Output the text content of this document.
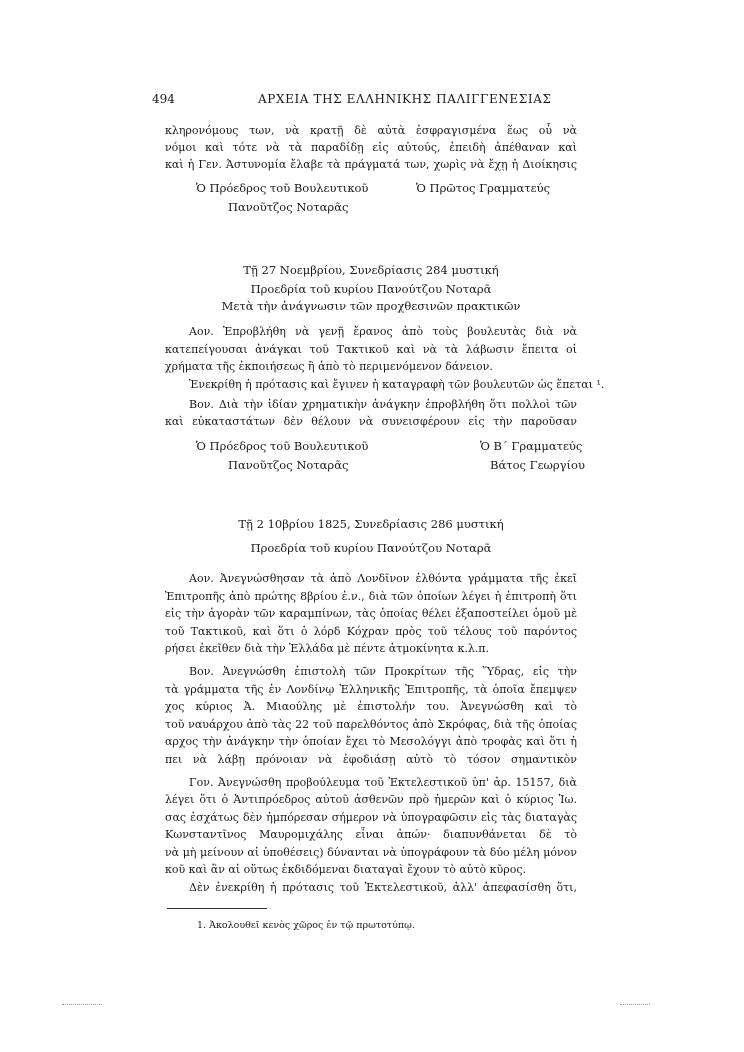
494	ΑΡΧΕΙΑ ΤΗΣ ΕΛΛΗΝΙΚΗΣ ΠΑΛΙΓΓΕΝΕΣΙΑΣ
Ὁ Πρόεδρος τοῦ Βουλευτικοῦ
Πανοῦτζος Νοταρᾶς
Ὁ Πρῶτος Γραμματεύς
Ὁ Πρόεδρος τοῦ Βουλευτικοῦ
Πανοῦτζος Νοταρᾶς
Ὁ Β΄ Γραμματεύς
Βάτος Γεωργίου
κληρονόμους των, νὰ κρατῇ δὲ αὐτὰ ἐσφραγισμένα ἕως οὗ νὰ
νόμοι καὶ τότε νὰ τὰ παραδίδῃ εἰς αὐτούς, ἐπειδὴ ἀπέθαναν καὶ
καὶ ἡ Γεν. Ἀστυνομία ἔλαβε τὰ πράγματά των, χωρὶς νὰ ἔχῃ ἡ Διοίκησις
Τῇ 27 Νοεμβρίου, Συνεδρίασις 284 μυστική
Προεδρία τοῦ κυρίου Πανούτζου Νοταρᾶ
Μετὰ τὴν ἀνάγνωσιν τῶν προχθεσινῶν πρακτικῶν
Αον. Ἐπροβλήθη νὰ γενῇ ἔρανος ἀπὸ τοὺς βουλευτὰς διὰ νὰ
κατεπείγουσαι ἀνάγκαι τοῦ Τακτικοῦ καὶ νὰ τὰ λάβωσιν ἔπειτα οἱ
χρήματα τῆς ἐκποιήσεως ἢ ἀπὸ τὸ περιμενόμενον δάνειον.
Ἐνεκρίθη ἡ πρότασις καὶ ἔγινεν ἡ καταγραφὴ τῶν βουλευτῶν ὡς ἕπεται ¹.
Βον. Διὰ τὴν ἰδίαν χρηματικὴν ἀνάγκην ἐπροβλήθη ὅτι πολλοὶ τῶν
καὶ εὐκαταστάτων δὲν θέλουν νὰ συνεισφέρουν εἰς τὴν παροῦσαν
Τῇ 2 10βρίου 1825, Συνεδρίασις 286 μυστική
Προεδρία τοῦ κυρίου Πανούτζου Νοταρᾶ
Αον. Ἀνεγνώσθησαν τὰ ἀπὸ Λονδῖνον ἐλθόντα γράμματα τῆς ἐκεῖ
Ἐπιτροπῆς ἀπὸ πρώτης 8βρίου ἐ.ν., διὰ τῶν ὁποίων λέγει ἡ ἐπιτροπὴ ὅτι
εἰς τὴν ἀγορὰν τῶν καραμπίνων, τὰς ὁποίας θέλει ἐξαποστείλει ὁμοῦ μὲ
τοῦ Τακτικοῦ, καὶ ὅτι ὁ λόρδ Κόχραν πρὸς τοῦ τέλους τοῦ παρόντος
ρήσει ἐκεῖθεν διὰ τὴν Ἑλλάδα μὲ πέντε ἀτμοκίνητα κ.λ.π.
Βον. Ἀνεγνώσθη ἐπιστολὴ τῶν Προκρίτων τῆς Ὕδρας, εἰς τὴν
τὰ γράμματα τῆς ἐν Λονδίνῳ Ἑλληνικῆς Ἐπιτροπῆς, τὰ ὁποῖα ἔπεμψεν
χος κύριος Ἀ. Μιαούλης μὲ ἐπιστολήν του. Ἀνεγνώσθη καὶ τὸ
τοῦ ναυάρχου ἀπὸ τὰς 22 τοῦ παρελθόντος ἀπὸ Σκρόφας, διὰ τῆς ὁποίας
αρχος τὴν ἀνάγκην τὴν ὁποίαν ἔχει τὸ Μεσολόγγι ἀπὸ τροφὰς καὶ ὅτι ἡ
πει νὰ λάβῃ πρόνοιαν νὰ ἐφοδιάσῃ αὐτὸ τὸ τόσον σημαντικὸν
Γον. Ἀνεγνώσθη προβούλευμα τοῦ Ἐκτελεστικοῦ ὑπ' ἀρ. 15157, διὰ
λέγει ὅτι ὁ Ἀντιπρόεδρος αὐτοῦ ἀσθενῶν πρὸ ἡμερῶν καὶ ὁ κύριος Ἰω.
σας ἐσχάτως δὲν ἠμπόρεσαν σήμερον νὰ ὑπογραφῶσιν εἰς τὰς διαταγὰς
Κωνσταντῖνος Μαυρομιχάλης εἶναι ἀπών· διαπυνθάνεται δὲ τὸ
νὰ μὴ μείνουν αἱ ὑποθέσεις) δύνανται νὰ ὑπογράφουν τὰ δύο μέλη μόνον
κοῦ καὶ ἂν αἱ οὕτως ἐκδιδόμεναι διαταγαὶ ἔχουν τὸ αὐτὸ κῦρος.
Δὲν ἐνεκρίθη ἡ πρότασις τοῦ Ἐκτελεστικοῦ, ἀλλ' ἀπεφασίσθη ὅτι,
1. Ἀκολουθεῖ κενὸς χῶρος ἐν τῷ πρωτοτύπῳ.
